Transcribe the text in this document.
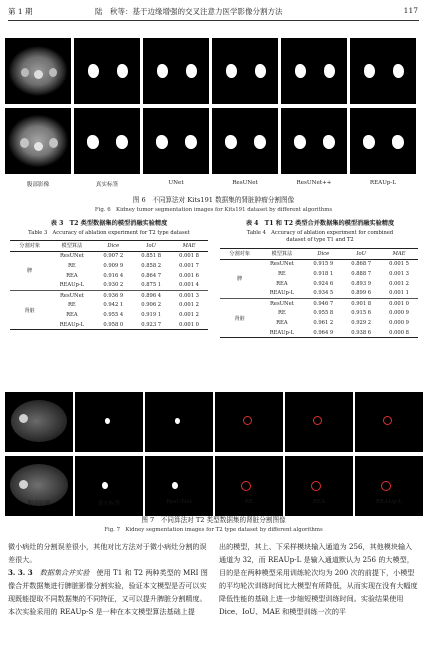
第 1 期	陆　秋等：基于边缘增强的交叉注意力医学影像分割方法	117
腹部影像	真实标签	UNet	ResUNet	ResUNet++	REAUp-L
图 6　不同算法对 Kits191 数据集的肾脏肿瘤分割图像
Fig. 6　Kidney tumor segmentation images for Kits191 dataset by different algorithms
表 3　T2 类型数据集的模型消融实验精度
Table 3　Accuracy of ablation experiment for T2 type dataset
分割对象	模型算法	Dice	IoU	MAE
脾	ResUNet	0.907 2	0.851 8	0.001 8
	RE	0.909 9	0.858 2	0.001 7
	REA	0.916 4	0.864 7	0.001 6
	REAUp-L	0.930 2	0.875 1	0.001 4
肾脏	ResUNet	0.936 9	0.896 4	0.001 3
	RE	0.942 1	0.906 2	0.001 2
	REA	0.955 4	0.919 1	0.001 2
	REAUp-L	0.958 0	0.923 7	0.001 0
表 4　T1 和 T2 类型合并数据集的模型消融实验精度
Table 4　Accuracy of ablation experiment for combined
dataset of type T1 and T2
分割对象	模型算法	Dice	IoU	MAE
脾	ResUNet	0.915 9	0.868 7	0.001 5
	RE	0.918 1	0.888 7	0.001 3
	REA	0.924 6	0.893 9	0.001 2
	REAUp-L	0.934 5	0.899 6	0.001 1
肾脏	ResUNet	0.946 7	0.901 8	0.001 0
	RE	0.955 8	0.915 6	0.000 9
	REA	0.961 2	0.929 2	0.000 9
	REAUp-L	0.964 9	0.938 6	0.000 8
腹部影像	真实标签	ResUNet	RE	REA	REAUp-L
图 7　不同算法对 T2 类型数据集的肾脏分割图像
Fig. 7　Kidney segmentation images for T2 type dataset by different algorithms
微小病灶的分割误差很小，其他对比方法对于微小病灶分割的误差很大。
3. 3. 3　数据集合并实验　使用 T1 和 T2 两种类型的 MRI 图像合并数据集进行脾脏影像分割实验，验证本文模型是否可以实现既能提取不同数据集的不同特征，又可以提升脾脏分割精度。本次实验采用的 REAUp-S 是一种在本文模型算法基础上提
出的模型，其上、下采样模块输入通道为 256，其他模块输入通道为 32，而 REAUp-L 是输入通道默认为 256 的大模型，目的是在两种模型采用训练轮次均为 200 次的前提下，小模型的平均轮次训练时间比大模型有所降低，从而实现在没有大幅度降低性能的基础上进一步缩短模型训练时间。实验结果使用 Dice、IoU、MAE 和模型训练一次的平
